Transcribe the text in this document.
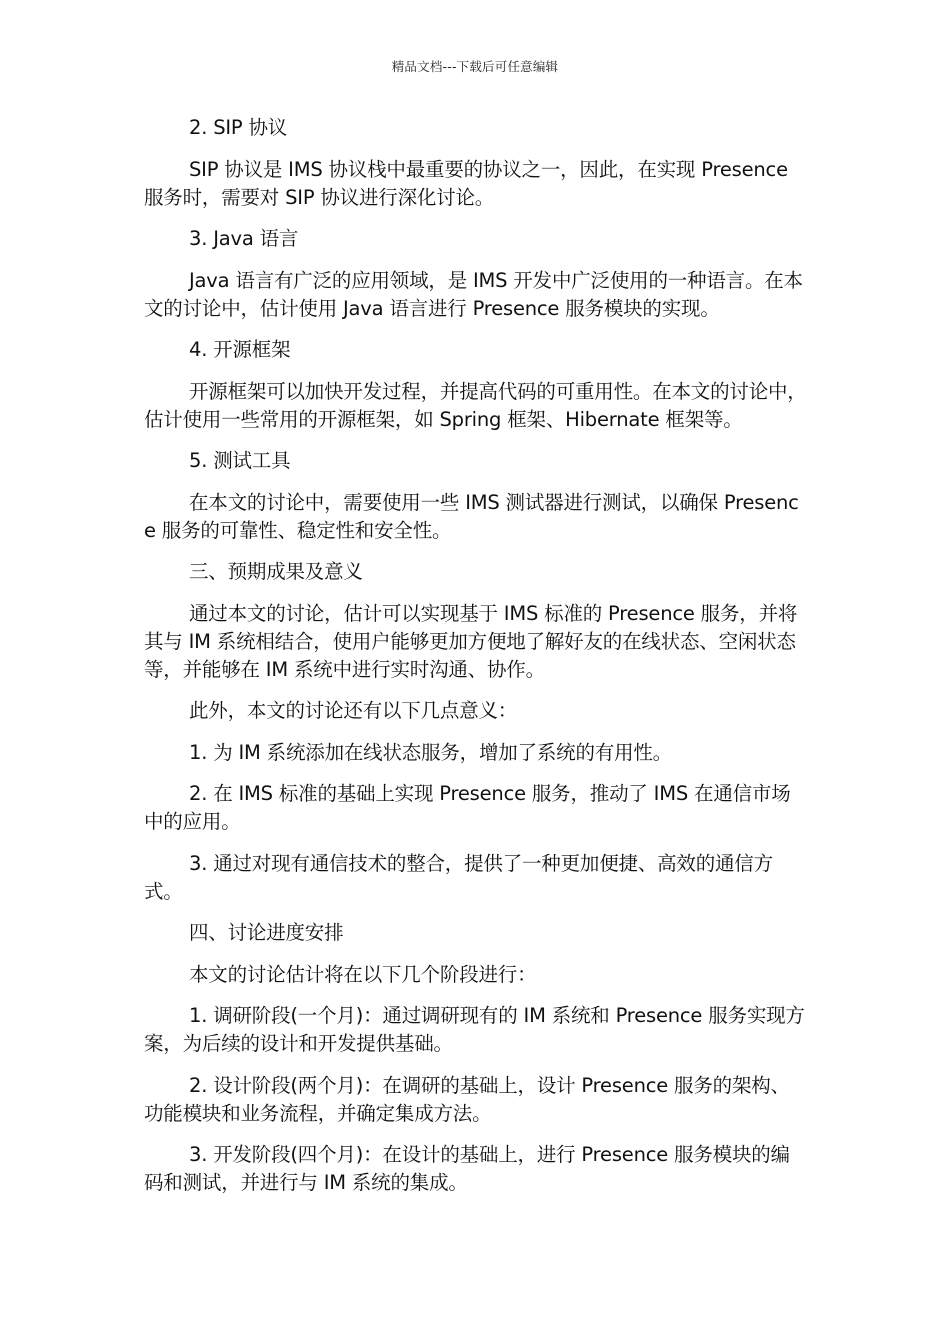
精品文档---下载后可任意编辑

2. SIP 协议

SIP 协议是 IMS 协议栈中最重要的协议之一，因此，在实现 Presence 服务时，需要对 SIP 协议进行深化讨论。

3. Java 语言

Java 语言有广泛的应用领域，是 IMS 开发中广泛使用的一种语言。在本文的讨论中，估计使用 Java 语言进行 Presence 服务模块的实现。

4. 开源框架

开源框架可以加快开发过程，并提高代码的可重用性。在本文的讨论中，估计使用一些常用的开源框架，如 Spring 框架、Hibernate 框架等。

5. 测试工具

在本文的讨论中，需要使用一些 IMS 测试器进行测试，以确保 Presence 服务的可靠性、稳定性和安全性。

三、预期成果及意义

通过本文的讨论，估计可以实现基于 IMS 标准的 Presence 服务，并将其与 IM 系统相结合，使用户能够更加方便地了解好友的在线状态、空闲状态等，并能够在 IM 系统中进行实时沟通、协作。

此外，本文的讨论还有以下几点意义：

1. 为 IM 系统添加在线状态服务，增加了系统的有用性。

2. 在 IMS 标准的基础上实现 Presence 服务，推动了 IMS 在通信市场中的应用。

3. 通过对现有通信技术的整合，提供了一种更加便捷、高效的通信方式。

四、讨论进度安排

本文的讨论估计将在以下几个阶段进行：

1. 调研阶段(一个月)：通过调研现有的 IM 系统和 Presence 服务实现方案，为后续的设计和开发提供基础。

2. 设计阶段(两个月)：在调研的基础上，设计 Presence 服务的架构、功能模块和业务流程，并确定集成方法。

3. 开发阶段(四个月)：在设计的基础上，进行 Presence 服务模块的编码和测试，并进行与 IM 系统的集成。
